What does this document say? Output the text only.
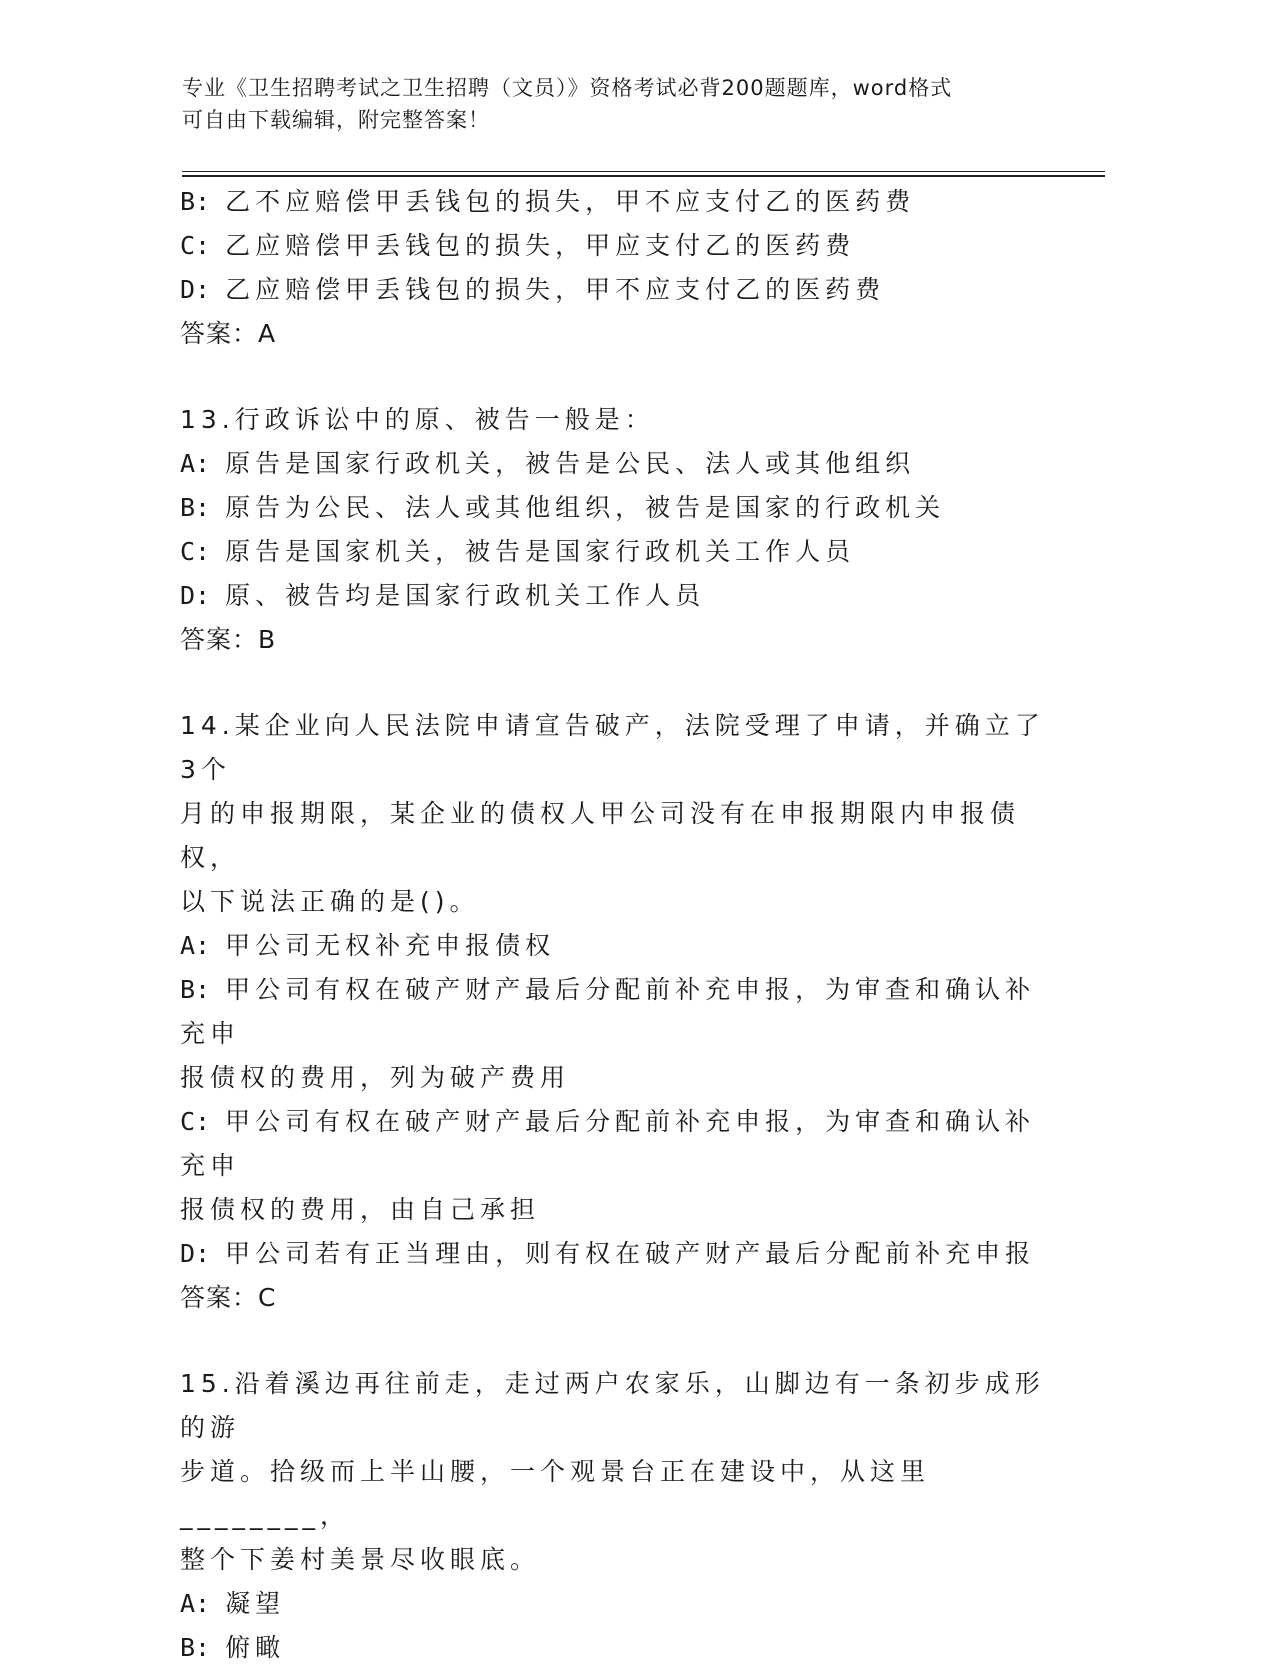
专业《卫生招聘考试之卫生招聘（文员）》资格考试必背200题题库，word格式
可自由下载编辑，附完整答案！
B: 乙不应赔偿甲丢钱包的损失，甲不应支付乙的医药费
C: 乙应赔偿甲丢钱包的损失，甲应支付乙的医药费
D: 乙应赔偿甲丢钱包的损失，甲不应支付乙的医药费
答案：A
13.行政诉讼中的原、被告一般是：
A: 原告是国家行政机关，被告是公民、法人或其他组织
B: 原告为公民、法人或其他组织，被告是国家的行政机关
C: 原告是国家机关，被告是国家行政机关工作人员
D: 原、被告均是国家行政机关工作人员
答案：B
14.某企业向人民法院申请宣告破产，法院受理了申请，并确立了3个
月的申报期限，某企业的债权人甲公司没有在申报期限内申报债权，
以下说法正确的是()。
A: 甲公司无权补充申报债权
B: 甲公司有权在破产财产最后分配前补充申报，为审查和确认补充申
报债权的费用，列为破产费用
C: 甲公司有权在破产财产最后分配前补充申报，为审查和确认补充申
报债权的费用，由自己承担
D: 甲公司若有正当理由，则有权在破产财产最后分配前补充申报
答案：C
15.沿着溪边再往前走，走过两户农家乐，山脚边有一条初步成形的游
步道。拾级而上半山腰，一个观景台正在建设中，从这里________，
整个下姜村美景尽收眼底。
A: 凝望
B: 俯瞰
